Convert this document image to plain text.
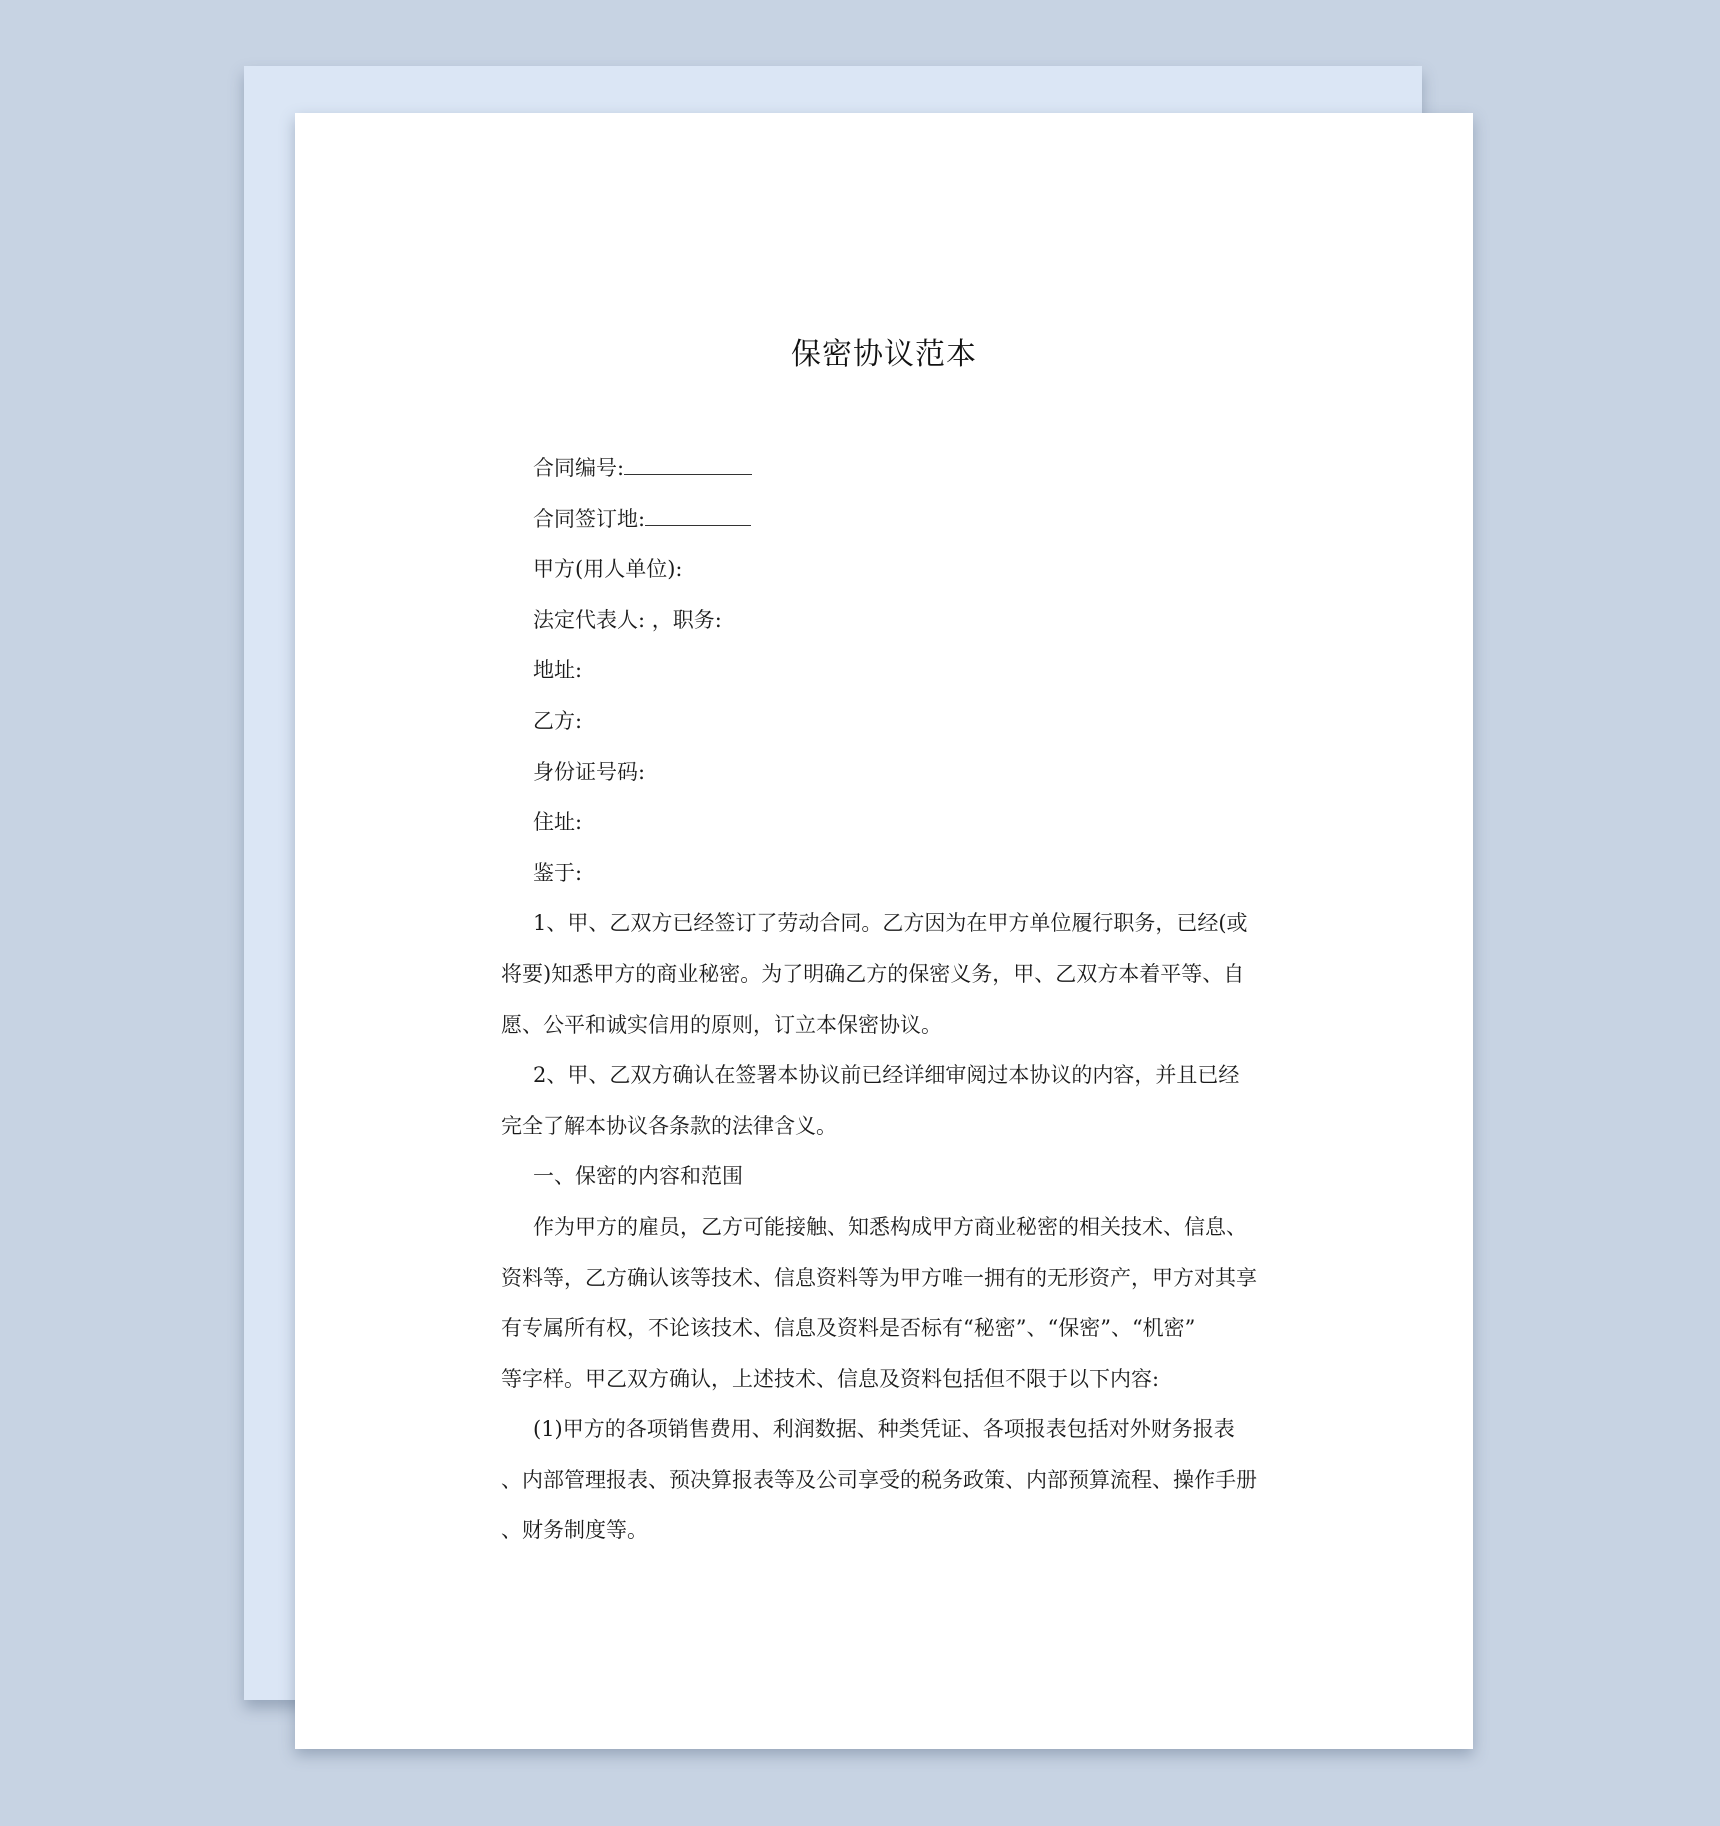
保密协议范本

合同编号:

合同签订地:

甲方(用人单位):

法定代表人: ，职务:

地址:

乙方:

身份证号码:

住址:

鉴于:

1、甲、乙双方已经签订了劳动合同。乙方因为在甲方单位履行职务，已经(或

将要)知悉甲方的商业秘密。为了明确乙方的保密义务，甲、乙双方本着平等、自

愿、公平和诚实信用的原则，订立本保密协议。

2、甲、乙双方确认在签署本协议前已经详细审阅过本协议的内容，并且已经

完全了解本协议各条款的法律含义。

一、保密的内容和范围

作为甲方的雇员，乙方可能接触、知悉构成甲方商业秘密的相关技术、信息、

资料等，乙方确认该等技术、信息资料等为甲方唯一拥有的无形资产，甲方对其享

有专属所有权，不论该技术、信息及资料是否标有“秘密”、“保密”、“机密”

等字样。甲乙双方确认，上述技术、信息及资料包括但不限于以下内容:

(1)甲方的各项销售费用、利润数据、种类凭证、各项报表包括对外财务报表

、内部管理报表、预决算报表等及公司享受的税务政策、内部预算流程、操作手册

、财务制度等。
